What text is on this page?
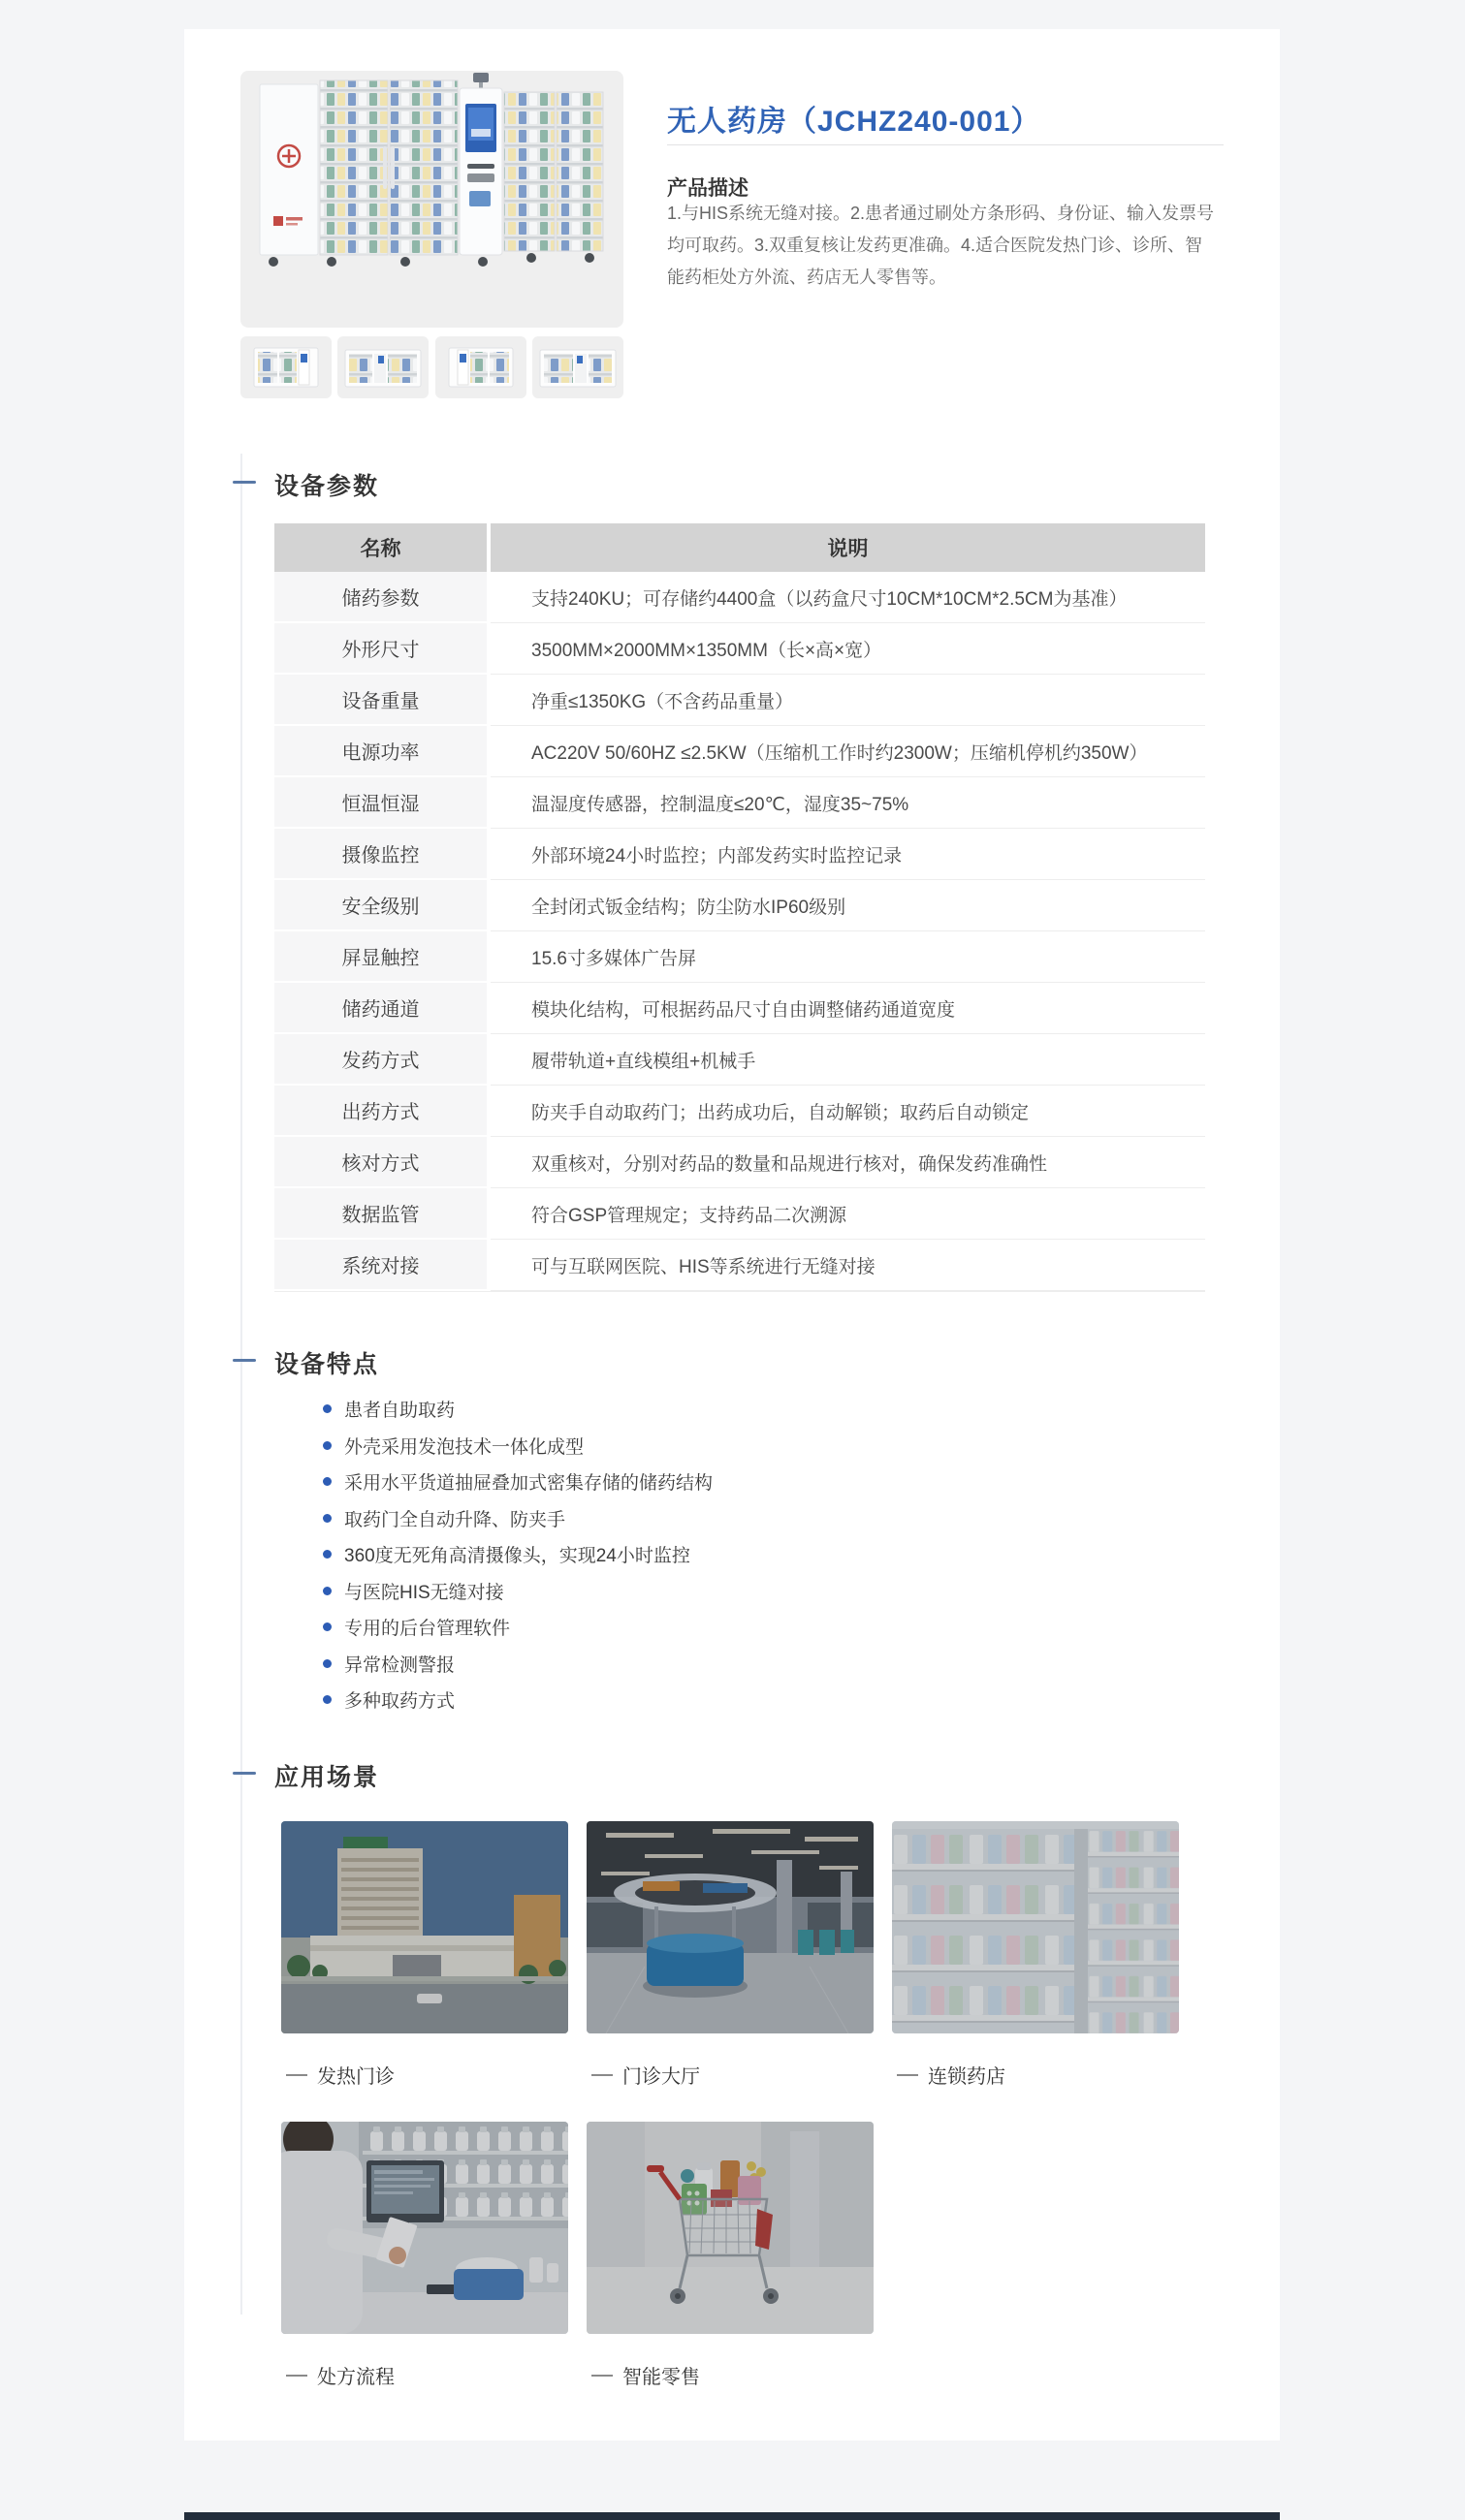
无人药房（JCHZ240-001）
产品描述
1.与HIS系统无缝对接。2.患者通过刷处方条形码、身份证、输入发票号均可取药。3.双重复核让发药更准确。4.适合医院发热门诊、诊所、智能药柜处方外流、药店无人零售等。
设备参数
设备特点
应用场景
名称	说明
储药参数	支持240KU；可存储约4400盒（以药盒尺寸10CM*10CM*2.5CM为基准）
外形尺寸	3500MM×2000MM×1350MM（长×高×宽）
设备重量	净重≤1350KG（不含药品重量）
电源功率	AC220V 50/60HZ ≤2.5KW（压缩机工作时约2300W；压缩机停机约350W）
恒温恒湿	温湿度传感器，控制温度≤20℃，湿度35~75%
摄像监控	外部环境24小时监控；内部发药实时监控记录
安全级别	全封闭式钣金结构；防尘防水IP60级别
屏显触控	15.6寸多媒体广告屏
储药通道	模块化结构，可根据药品尺寸自由调整储药通道宽度
发药方式	履带轨道+直线模组+机械手
出药方式	防夹手自动取药门；出药成功后，自动解锁；取药后自动锁定
核对方式	双重核对，分别对药品的数量和品规进行核对，确保发药准确性
数据监管	符合GSP管理规定；支持药品二次溯源
系统对接	可与互联网医院、HIS等系统进行无缝对接
患者自助取药
外壳采用发泡技术一体化成型
采用水平货道抽屉叠加式密集存储的储药结构
取药门全自动升降、防夹手
360度无死角高清摄像头，实现24小时监控
与医院HIS无缝对接
专用的后台管理软件
异常检测警报
多种取药方式
发热门诊	门诊大厅	连锁药店
处方流程	智能零售
